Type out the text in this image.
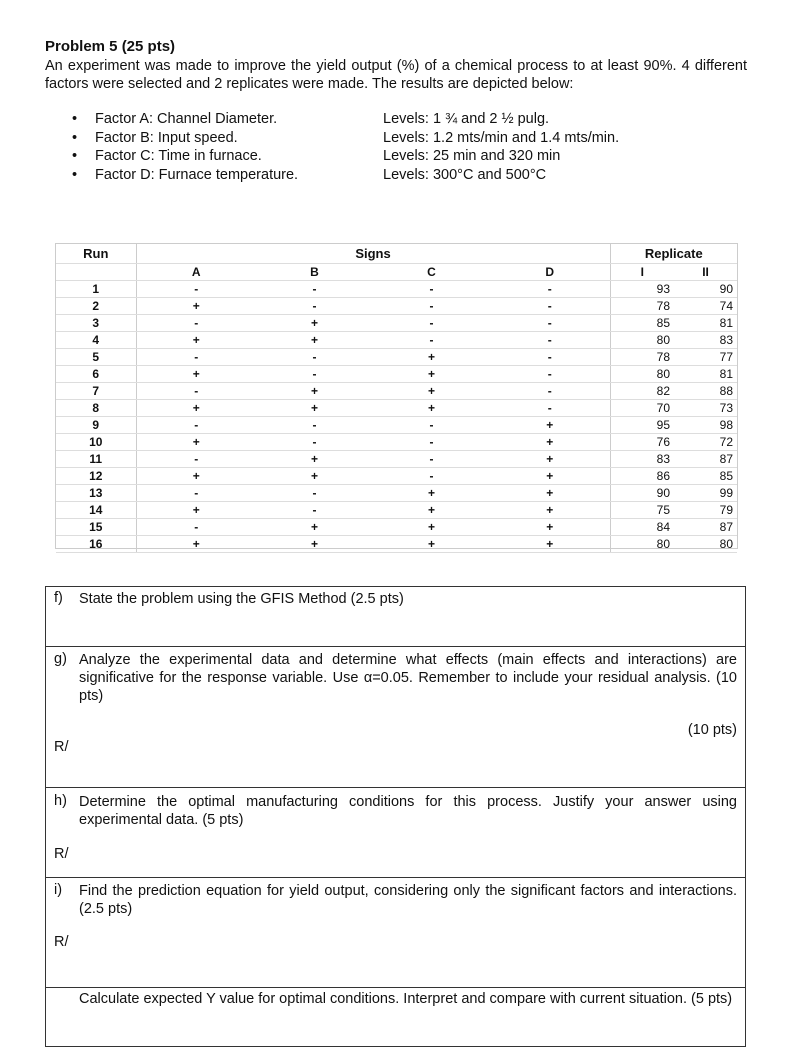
Problem 5 (25 pts)
An experiment was made to improve the yield output (%) of a chemical process to at least 90%. 4 different factors were selected and 2 replicates were made. The results are depicted below:
• Factor A: Channel Diameter.	Levels: 1 ¾ and 2 ½ pulg.
• Factor B: Input speed.	Levels: 1.2 mts/min and 1.4 mts/min.
• Factor C: Time in furnace.	Levels: 25 min and 320 min
• Factor D: Furnace temperature.	Levels: 300°C and 500°C
Run	Signs				Replicate	
	A	B	C	D	I	II
1	-	-	-	-	93	90
2	+	-	-	-	78	74
3	-	+	-	-	85	81
4	+	+	-	-	80	83
5	-	-	+	-	78	77
6	+	-	+	-	80	81
7	-	+	+	-	82	88
8	+	+	+	-	70	73
9	-	-	-	+	95	98
10	+	-	-	+	76	72
11	-	+	-	+	83	87
12	+	+	-	+	86	85
13	-	-	+	+	90	99
14	+	-	+	+	75	79
15	-	+	+	+	84	87
16	+	+	+	+	80	80
f) State the problem using the GFIS Method (2.5 pts)
g) Analyze the experimental data and determine what effects (main effects and interactions) are significative for the response variable. Use α=0.05. Remember to include your residual analysis. (10 pts)
(10 pts)
R/
h) Determine the optimal manufacturing conditions for this process. Justify your answer using experimental data. (5 pts)
R/
i) Find the prediction equation for yield output, considering only the significant factors and interactions. (2.5 pts)
R/
Calculate expected Y value for optimal conditions. Interpret and compare with current situation. (5 pts)
